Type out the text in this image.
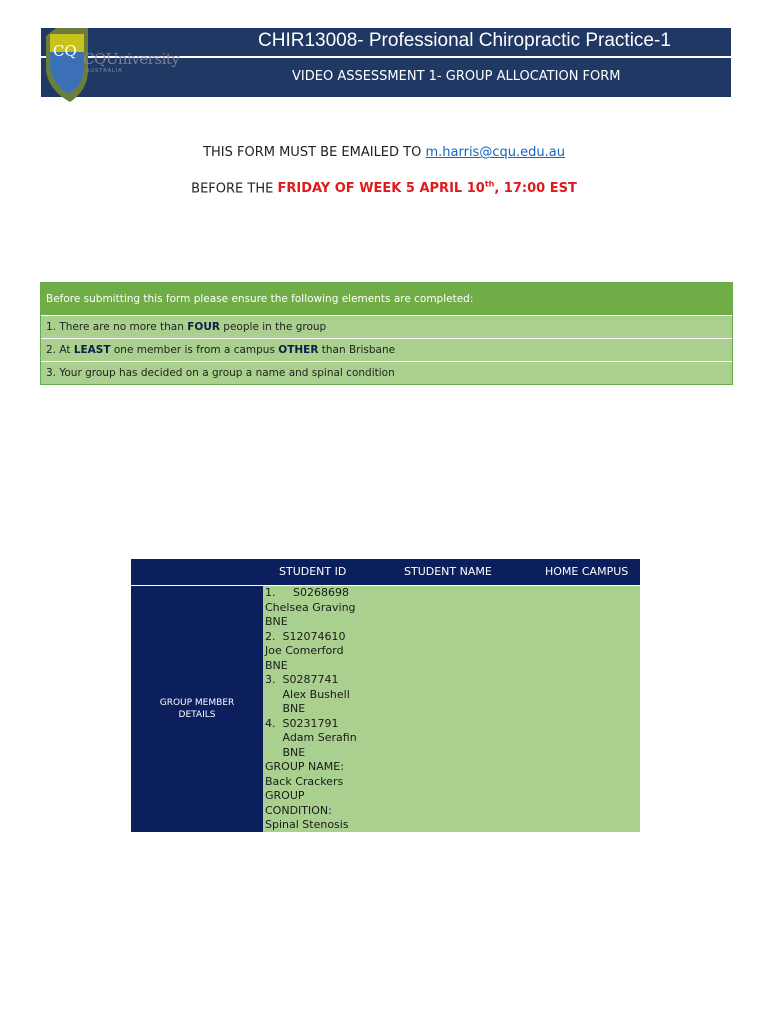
CHIR13008- Professional Chiropractic Practice-1
VIDEO ASSESSMENT 1- GROUP ALLOCATION FORM
CQ CQUniversity
AUSTRALIA
THIS FORM MUST BE EMAILED TO m.harris@cqu.edu.au
BEFORE THE FRIDAY OF WEEK 5 APRIL 10th, 17:00 EST
Before submitting this form please ensure the following elements are completed:
1. There are no more than FOUR people in the group
2. At LEAST one member is from a campus OTHER than Brisbane
3. Your group has decided on a group a name and spinal condition
STUDENT ID	STUDENT NAME	HOME CAMPUS
GROUP MEMBER DETAILS
1.     S0268698
Chelsea Graving
BNE
2.  S12074610
Joe Comerford
BNE
3.  S0287741
Alex Bushell
BNE
4.  S0231791
Adam Serafin
BNE
GROUP NAME:
Back Crackers
GROUP
CONDITION:
Spinal Stenosis
